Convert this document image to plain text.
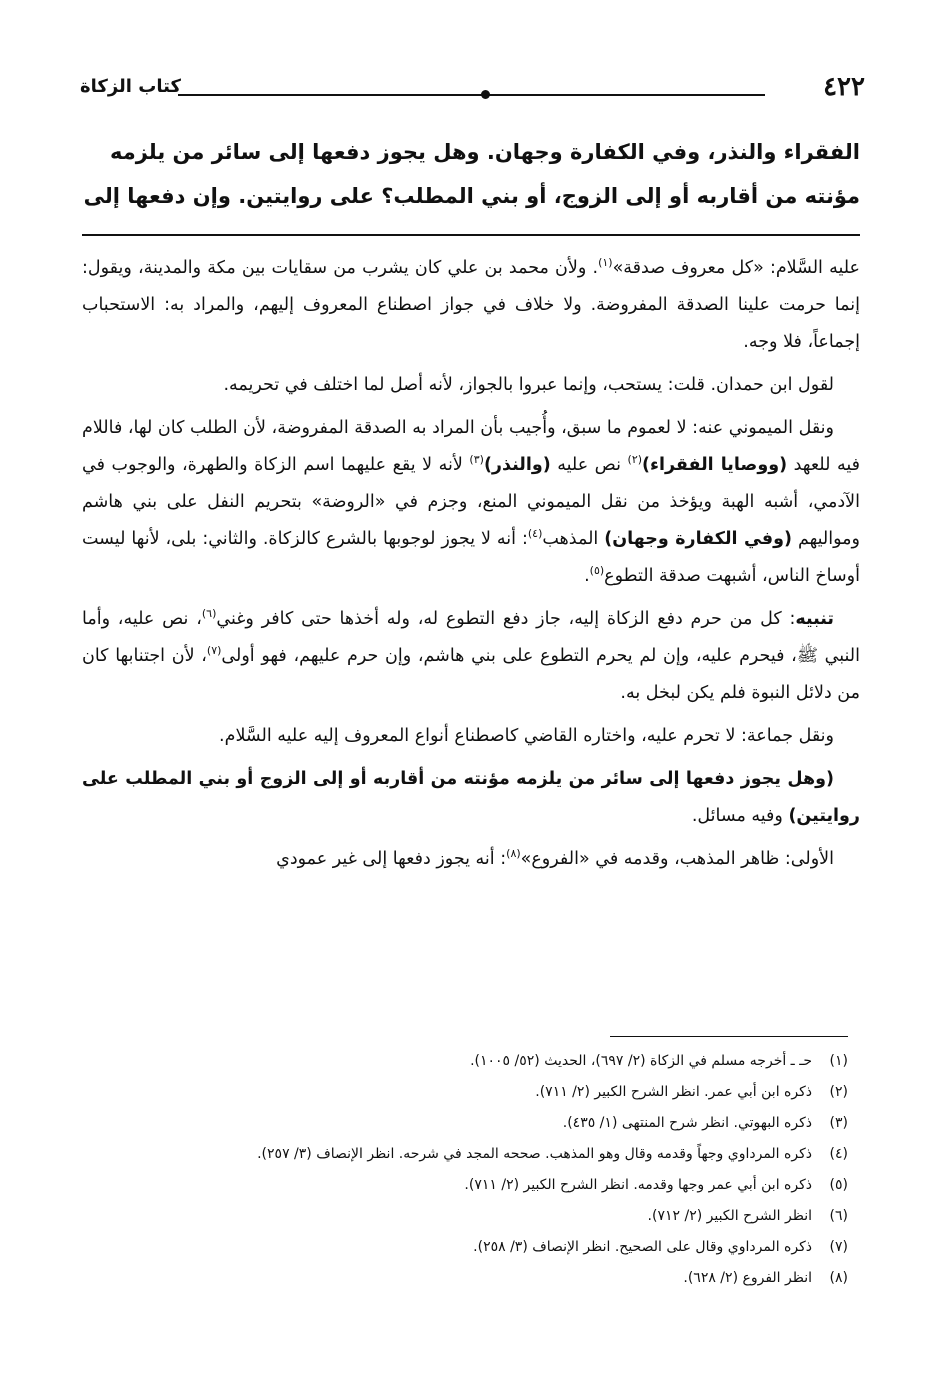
٤٢٢
كتاب الزكاة
الفقراء والنذر، وفي الكفارة وجهان. وهل يجوز دفعها إلى سائر من يلزمه
مؤنته من أقاربه أو إلى الزوج، أو بني المطلب؟ على روايتين. وإن دفعها إلى

عليه السَّلام: «كل معروف صدقة»$^{(١)}$. ولأن محمد بن علي كان يشرب من سقايات بين مكة والمدينة، ويقول: إنما حرمت علينا الصدقة المفروضة. ولا خلاف في جواز اصطناع المعروف إليهم، والمراد به: الاستحباب إجماعاً، فلا وجه.

لقول ابن حمدان. قلت: يستحب، وإنما عبروا بالجواز، لأنه أصل لما اختلف في تحريمه.

ونقل الميموني عنه: لا لعموم ما سبق، وأُجيب بأن المراد به الصدقة المفروضة، لأن الطلب كان لها، فاللام فيه للعهد (ووصايا الفقراء)$^{(٢)}$ نص عليه (والنذر)$^{(٣)}$ لأنه لا يقع عليهما اسم الزكاة والطهرة، والوجوب في الآدمي، أشبه الهبة ويؤخذ من نقل الميموني المنع، وجزم في «الروضة» بتحريم النفل على بني هاشم ومواليهم (وفي الكفارة وجهان) المذهب$^{(٤)}$: أنه لا يجوز لوجوبها بالشرع كالزكاة. والثاني: بلى، لأنها ليست أوساخ الناس، أشبهت صدقة التطوع$^{(٥)}$.

تنبيه: كل من حرم دفع الزكاة إليه، جاز دفع التطوع له، وله أخذها حتى كافر وغني$^{(٦)}$، نص عليه، وأما النبي ﷺ، فيحرم عليه، وإن لم يحرم التطوع على بني هاشم، وإن حرم عليهم، فهو أولى$^{(٧)}$، لأن اجتنابها كان من دلائل النبوة فلم يكن لبخل به.

ونقل جماعة: لا تحرم عليه، واختاره القاضي كاصطناع أنواع المعروف إليه عليه السَّلام.

(وهل يجوز دفعها إلى سائر من يلزمه مؤنته من أقاربه أو إلى الزوج أو بني المطلب على روايتين) وفيه مسائل.

الأولى: ظاهر المذهب، وقدمه في «الفروع»$^{(٨)}$: أنه يجوز دفعها إلى غير عمودي

(١)
حـ ـ أخرجه مسلم في الزكاة (٢/ ٦٩٧)، الحديث (٥٢/ ١٠٠٥).
(٢)
ذكره ابن أبي عمر. انظر الشرح الكبير (٢/ ٧١١).
(٣)
ذكره البهوتي. انظر شرح المنتهى (١/ ٤٣٥).
(٤)
ذكره المرداوي وجهاً وقدمه وقال وهو المذهب. صححه المجد في شرحه. انظر الإنصاف (٣/ ٢٥٧).
(٥)
ذكره ابن أبي عمر وجها وقدمه. انظر الشرح الكبير (٢/ ٧١١).
(٦)
انظر الشرح الكبير (٢/ ٧١٢).
(٧)
ذكره المرداوي وقال على الصحيح. انظر الإنصاف (٣/ ٢٥٨).
(٨)
انظر الفروع (٢/ ٦٢٨).
